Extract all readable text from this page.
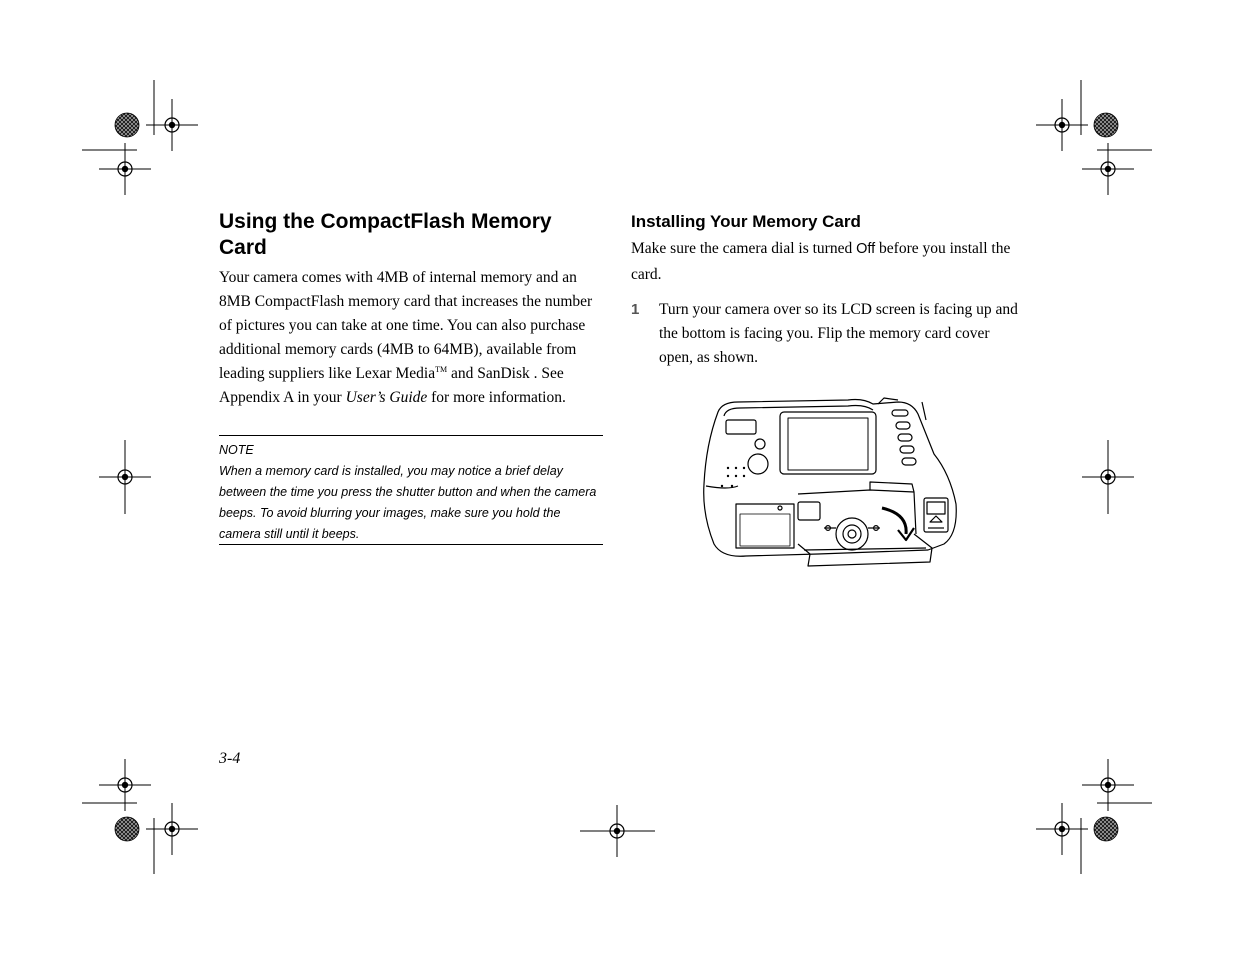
Using the CompactFlash Memory Card

Your camera comes with 4MB of internal memory and an 8MB CompactFlash memory card that increases the number of pictures you can take at one time. You can also purchase additional memory cards (4MB to 64MB), available from leading suppliers like Lexar Media™ and SanDisk . See Appendix A in your User’s Guide for more information.

NOTE

When a memory card is installed, you may notice a brief delay between the time you press the shutter button and when the camera beeps. To avoid blurring your images, make sure you hold the camera still until it beeps.

Installing Your Memory Card

Make sure the camera dial is turned Off before you install the card.

1 Turn your camera over so its LCD screen is facing up and the bottom is facing you. Flip the memory card cover open, as shown.

3-4
